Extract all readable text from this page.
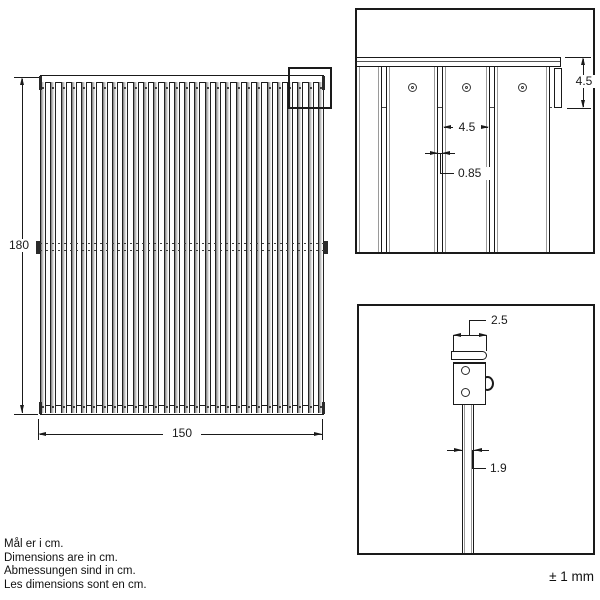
180
150
4.5
0.85
4.5
2.5
1.9
Mål er i cm.
Dimensions are in cm.
Abmessungen sind in cm.
Les dimensions sont en cm.
± 1 mm
